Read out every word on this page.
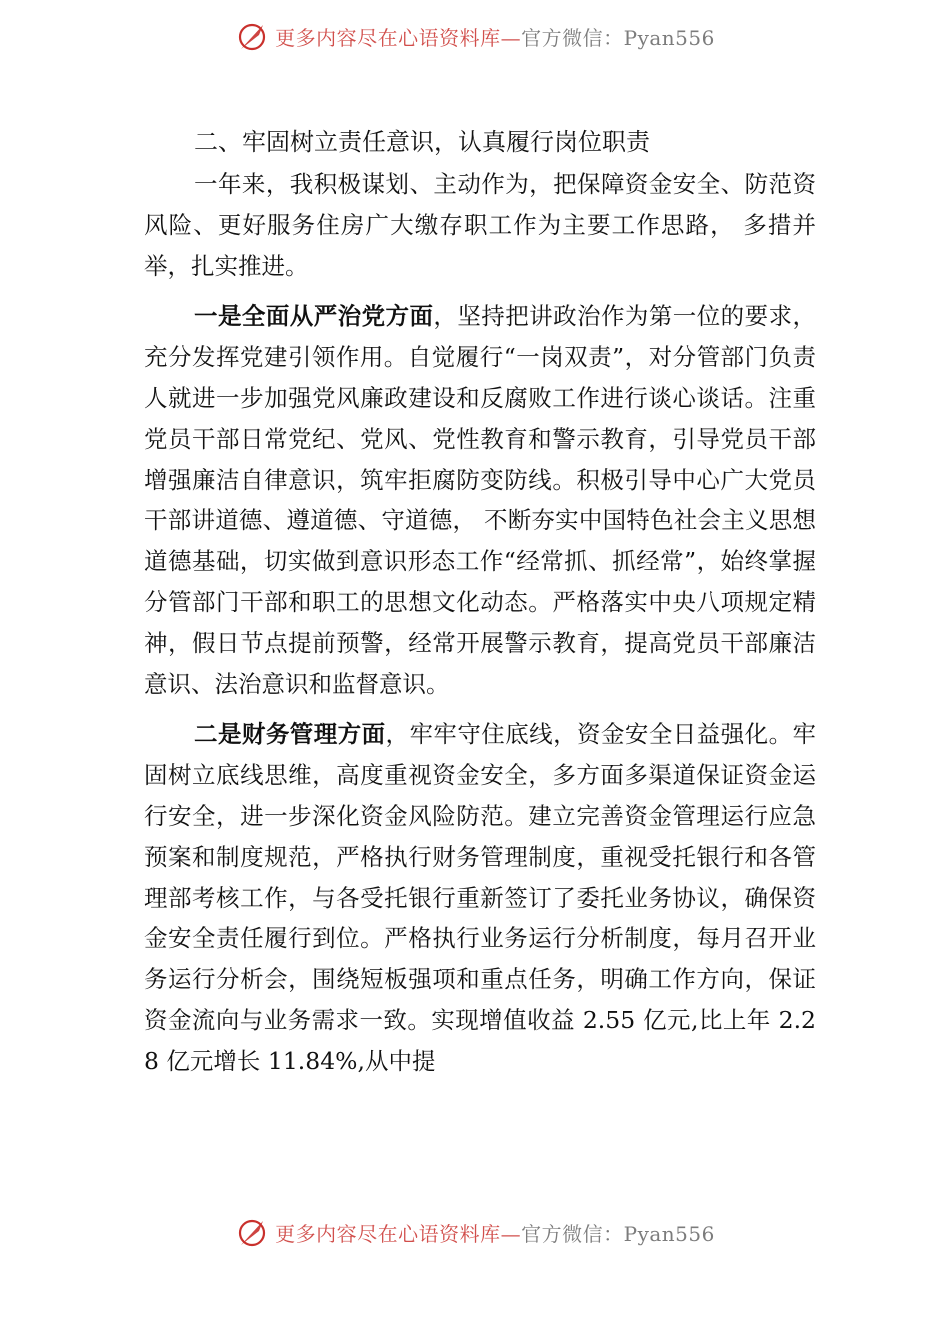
更多内容尽在心语资料库—官方微信：Pyan556
二、牢固树立责任意识，认真履行岗位职责

一年来，我积极谋划、主动作为，把保障资金安全、防范资风险、更好服务住房广大缴存职工作为主要工作思路， 多措并举，扎实推进。

一是全面从严治党方面，坚持把讲政治作为第一位的要求，充分发挥党建引领作用。自觉履行“一岗双责”，对分管部门负责人就进一步加强党风廉政建设和反腐败工作进行谈心谈话。注重党员干部日常党纪、党风、党性教育和警示教育，引导党员干部增强廉洁自律意识，筑牢拒腐防变防线。积极引导中心广大党员干部讲道德、遵道德、守道德， 不断夯实中国特色社会主义思想道德基础，切实做到意识形态工作“经常抓、抓经常”，始终掌握分管部门干部和职工的思想文化动态。严格落实中央八项规定精神，假日节点提前预警，经常开展警示教育，提高党员干部廉洁意识、法治意识和监督意识。

二是财务管理方面，牢牢守住底线，资金安全日益强化。牢固树立底线思维，高度重视资金安全，多方面多渠道保证资金运行安全，进一步深化资金风险防范。建立完善资金管理运行应急预案和制度规范，严格执行财务管理制度，重视受托银行和各管理部考核工作，与各受托银行重新签订了委托业务协议，确保资金安全责任履行到位。严格执行业务运行分析制度，每月召开业务运行分析会，围绕短板强项和重点任务，明确工作方向，保证资金流向与业务需求一致。实现增值收益 2.55 亿元,比上年 2.28 亿元增长 11.84%,从中提

更多内容尽在心语资料库—官方微信：Pyan556
